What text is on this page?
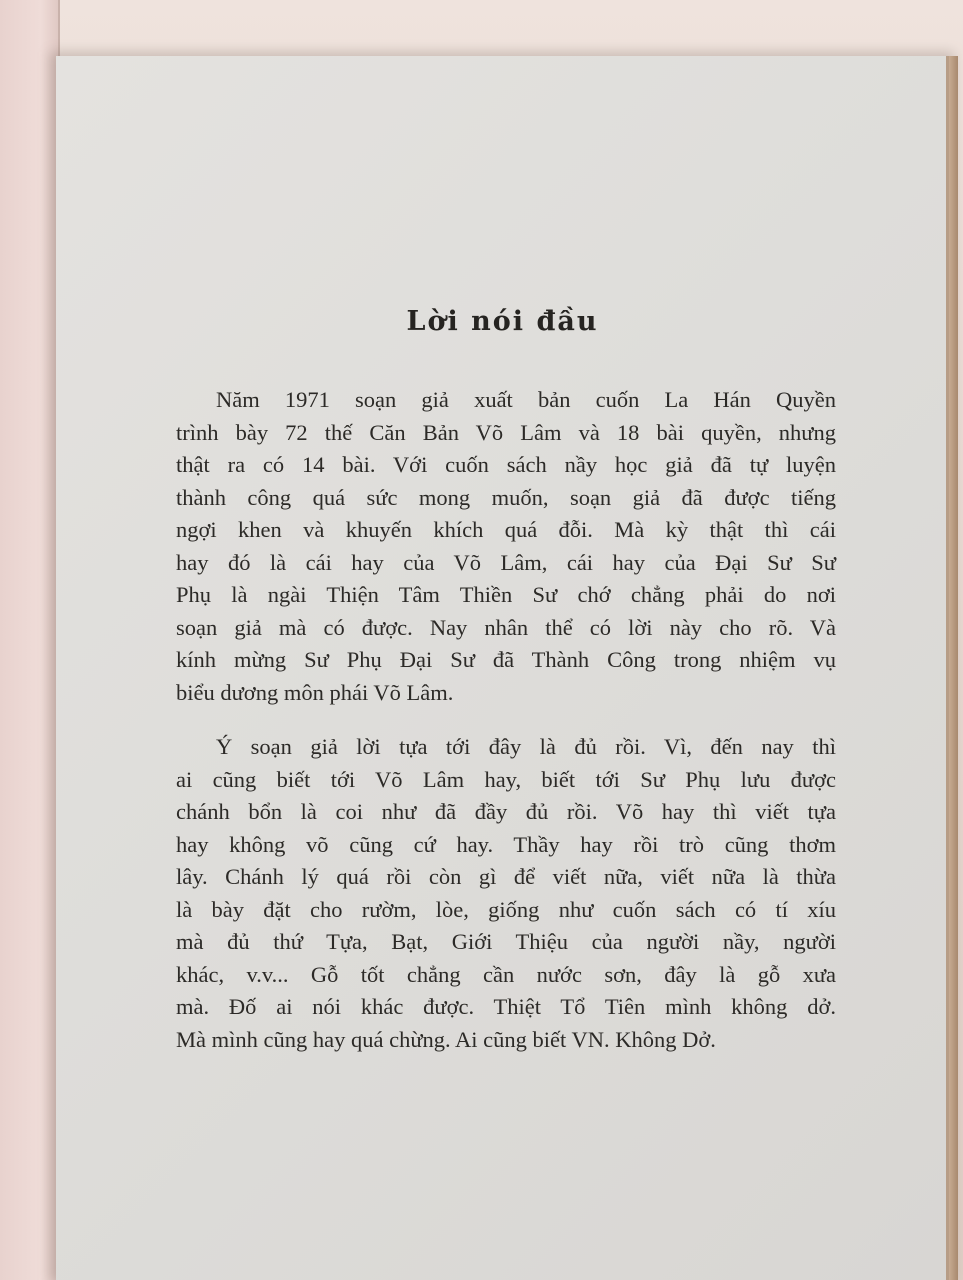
Lời nói đầu

Năm 1971 soạn giả xuất bản cuốn La Hán Quyền
trình bày 72 thế Căn Bản Võ Lâm và 18 bài quyền, nhưng
thật ra có 14 bài. Với cuốn sách nầy học giả đã tự luyện
thành công quá sức mong muốn, soạn giả đã được tiếng
ngợi khen và khuyến khích quá đỗi. Mà kỳ thật thì cái
hay đó là cái hay của Võ Lâm, cái hay của Đại Sư Sư
Phụ là ngài Thiện Tâm Thiền Sư chớ chẳng phải do nơi
soạn giả mà có được. Nay nhân thể có lời này cho rõ. Và
kính mừng Sư Phụ Đại Sư đã Thành Công trong nhiệm vụ
biểu dương môn phái Võ Lâm.

Ý soạn giả lời tựa tới đây là đủ rồi. Vì, đến nay thì
ai cũng biết tới Võ Lâm hay, biết tới Sư Phụ lưu được
chánh bổn là coi như đã đầy đủ rồi. Võ hay thì viết tựa
hay không võ cũng cứ hay. Thầy hay rồi trò cũng thơm
lây. Chánh lý quá rồi còn gì để viết nữa, viết nữa là thừa
là bày đặt cho rườm, lòe, giống như cuốn sách có tí xíu
mà đủ thứ Tựa, Bạt, Giới Thiệu của người nầy, người
khác, v.v... Gỗ tốt chẳng cần nước sơn, đây là gỗ xưa
mà. Đố ai nói khác được. Thiệt Tổ Tiên mình không dở.
Mà mình cũng hay quá chừng. Ai cũng biết VN. Không Dở.
